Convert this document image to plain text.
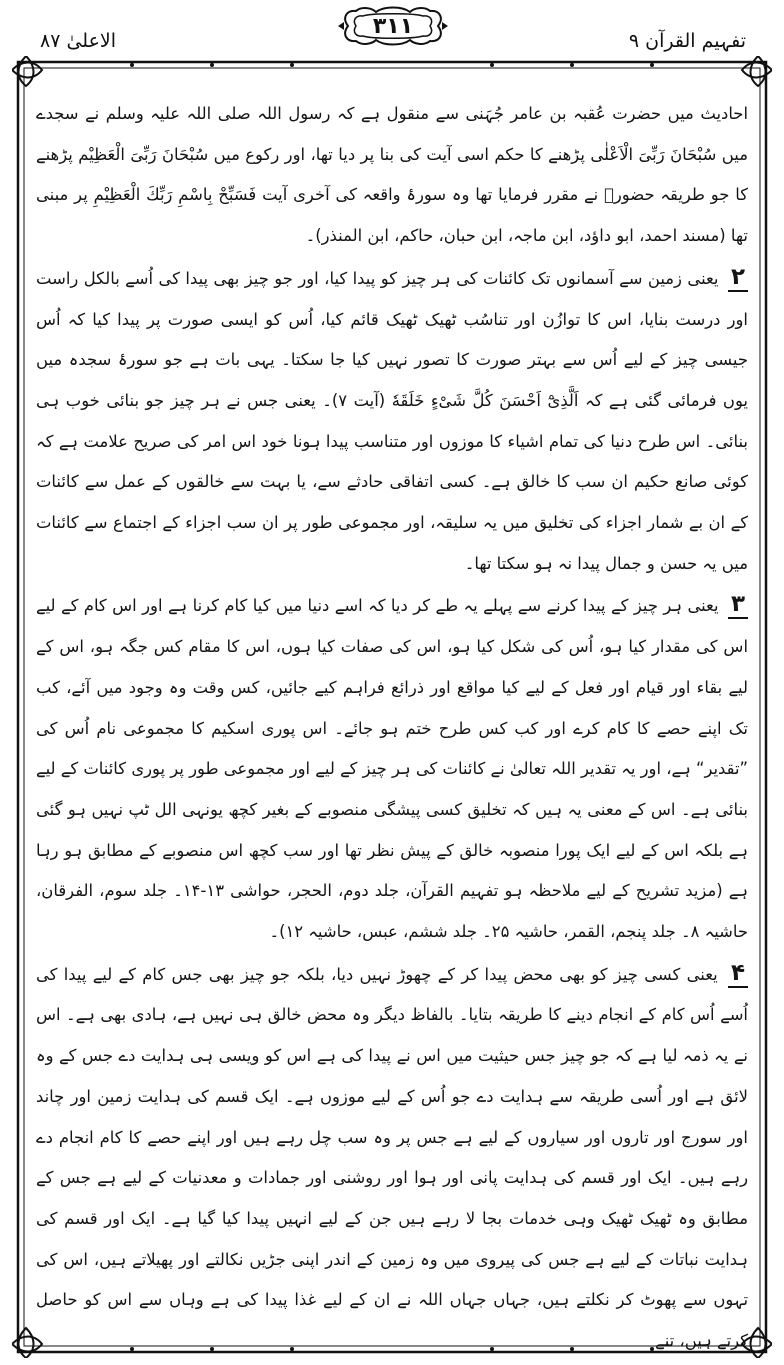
الاعلیٰ ۸۷
۳۱۱
تفہیم القرآن ۹

احادیث میں حضرت عُقبہ بن عامر جُہَنی سے منقول ہے کہ رسول اللہ صلی اللہ علیہ وسلم نے سجدے میں سُبْحَانَ رَبِّیَ الْاَعْلٰی پڑھنے کا حکم اسی آیت کی بنا پر دیا تھا، اور رکوع میں سُبْحَانَ رَبِّیَ الْعَظِیْم پڑھنے کا جو طریقہ حضورؐ نے مقرر فرمایا تھا وہ سورۂ واقعہ کی آخری آیت فَسَبِّحْ بِاسْمِ رَبِّكَ الْعَظِیْمِ پر مبنی تھا (مسند احمد، ابو داؤد، ابن ماجہ، ابن حبان، حاکم، ابن المنذر)۔

۲ یعنی زمین سے آسمانوں تک کائنات کی ہر چیز کو پیدا کیا، اور جو چیز بھی پیدا کی اُسے بالکل راست اور درست بنایا، اس کا توازُن اور تناسُب ٹھیک ٹھیک قائم کیا، اُس کو ایسی صورت پر پیدا کیا کہ اُس جیسی چیز کے لیے اُس سے بہتر صورت کا تصور نہیں کیا جا سکتا۔ یہی بات ہے جو سورۂ سجدہ میں یوں فرمائی گئی ہے کہ اَلَّذِیْٓ اَحْسَنَ كُلَّ شَیْءٍ خَلَقَهٗ (آیت ۷)۔ یعنی جس نے ہر چیز جو بنائی خوب ہی بنائی۔ اس طرح دنیا کی تمام اشیاء کا موزوں اور متناسب پیدا ہونا خود اس امر کی صریح علامت ہے کہ کوئی صانع حکیم ان سب کا خالق ہے۔ کسی اتفاقی حادثے سے، یا بہت سے خالقوں کے عمل سے کائنات کے ان بے شمار اجزاء کی تخلیق میں یہ سلیقہ، اور مجموعی طور پر ان سب اجزاء کے اجتماع سے کائنات میں یہ حسن و جمال پیدا نہ ہو سکتا تھا۔

۳ یعنی ہر چیز کے پیدا کرنے سے پہلے یہ طے کر دیا کہ اسے دنیا میں کیا کام کرنا ہے اور اس کام کے لیے اس کی مقدار کیا ہو، اُس کی شکل کیا ہو، اس کی صفات کیا ہوں، اس کا مقام کس جگہ ہو، اس کے لیے بقاء اور قیام اور فعل کے لیے کیا مواقع اور ذرائع فراہم کیے جائیں، کس وقت وہ وجود میں آئے، کب تک اپنے حصے کا کام کرے اور کب کس طرح ختم ہو جائے۔ اس پوری اسکیم کا مجموعی نام اُس کی ”تقدیر“ ہے، اور یہ تقدیر اللہ تعالیٰ نے کائنات کی ہر چیز کے لیے اور مجموعی طور پر پوری کائنات کے لیے بنائی ہے۔ اس کے معنی یہ ہیں کہ تخلیق کسی پیشگی منصوبے کے بغیر کچھ یونہی الل ٹپ نہیں ہو گئی ہے بلکہ اس کے لیے ایک پورا منصوبہ خالق کے پیش نظر تھا اور سب کچھ اس منصوبے کے مطابق ہو رہا ہے (مزید تشریح کے لیے ملاحظہ ہو تفہیم القرآن، جلد دوم، الحجر، حواشی ۱۳-۱۴۔ جلد سوم، الفرقان، حاشیہ ۸۔ جلد پنجم، القمر، حاشیہ ۲۵۔ جلد ششم، عبس، حاشیہ ۱۲)۔

۴ یعنی کسی چیز کو بھی محض پیدا کر کے چھوڑ نہیں دیا، بلکہ جو چیز بھی جس کام کے لیے پیدا کی اُسے اُس کام کے انجام دینے کا طریقہ بتایا۔ بالفاظ دیگر وہ محض خالق ہی نہیں ہے، ہادی بھی ہے۔ اس نے یہ ذمہ لیا ہے کہ جو چیز جس حیثیت میں اس نے پیدا کی ہے اس کو ویسی ہی ہدایت دے جس کے وہ لائق ہے اور اُسی طریقہ سے ہدایت دے جو اُس کے لیے موزوں ہے۔ ایک قسم کی ہدایت زمین اور چاند اور سورج اور تاروں اور سیاروں کے لیے ہے جس پر وہ سب چل رہے ہیں اور اپنے حصے کا کام انجام دے رہے ہیں۔ ایک اور قسم کی ہدایت پانی اور ہوا اور روشنی اور جمادات و معدنیات کے لیے ہے جس کے مطابق وہ ٹھیک ٹھیک وہی خدمات بجا لا رہے ہیں جن کے لیے انہیں پیدا کیا گیا ہے۔ ایک اور قسم کی ہدایت نباتات کے لیے ہے جس کی پیروی میں وہ زمین کے اندر اپنی جڑیں نکالتے اور پھیلاتے ہیں، اس کی تہوں سے پھوٹ کر نکلتے ہیں، جہاں جہاں اللہ نے ان کے لیے غذا پیدا کی ہے وہاں سے اس کو حاصل کرتے ہیں، تنے
